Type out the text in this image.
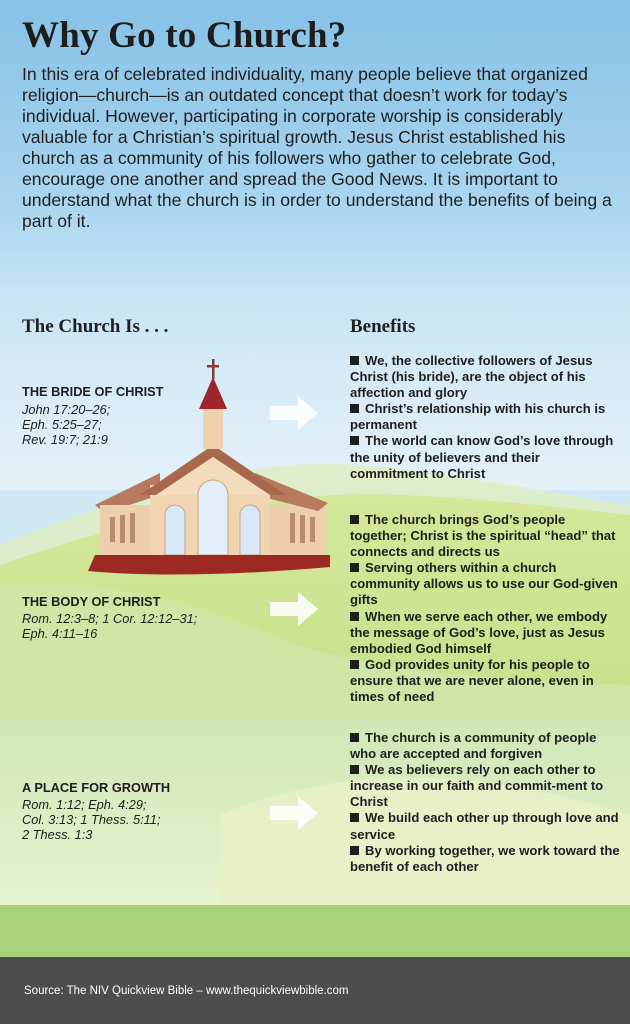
Why Go to Church?

In this era of celebrated individuality, many people believe that organized religion—church—is an outdated concept that doesn’t work for today’s individual. However, participating in corporate worship is considerably valuable for a Christian’s spiritual growth. Jesus Christ established his church as a community of his followers who gather to celebrate God, encourage one another and spread the Good News. It is important to understand what the church is in order to understand the benefits of being a part of it.

The Church Is . . .	Benefits
THE BRIDE OF CHRIST
John 17:20–26;
Eph. 5:25–27;
Rev. 19:7; 21:9
We, the collective followers of Jesus Christ (his bride), are the object of his affection and glory
Christ’s relationship with his church is permanent
The world can know God’s love through the unity of believers and their commitment to Christ
THE BODY OF CHRIST
Rom. 12:3–8; 1 Cor. 12:12–31;
Eph. 4:11–16
The church brings God’s people together; Christ is the spiritual “head” that connects and directs us
Serving others within a church community allows us to use our God-given gifts
When we serve each other, we embody the message of God’s love, just as Jesus embodied God himself
God provides unity for his people to ensure that we are never alone, even in times of need
A PLACE FOR GROWTH
Rom. 1:12; Eph. 4:29;
Col. 3:13; 1 Thess. 5:11;
2 Thess. 1:3
The church is a community of people who are accepted and forgiven
We as believers rely on each other to increase in our faith and commit-ment to Christ
We build each other up through love and service
By working together, we work toward the benefit of each other
Source: The NIV Quickview Bible – www.thequickviewbible.com
